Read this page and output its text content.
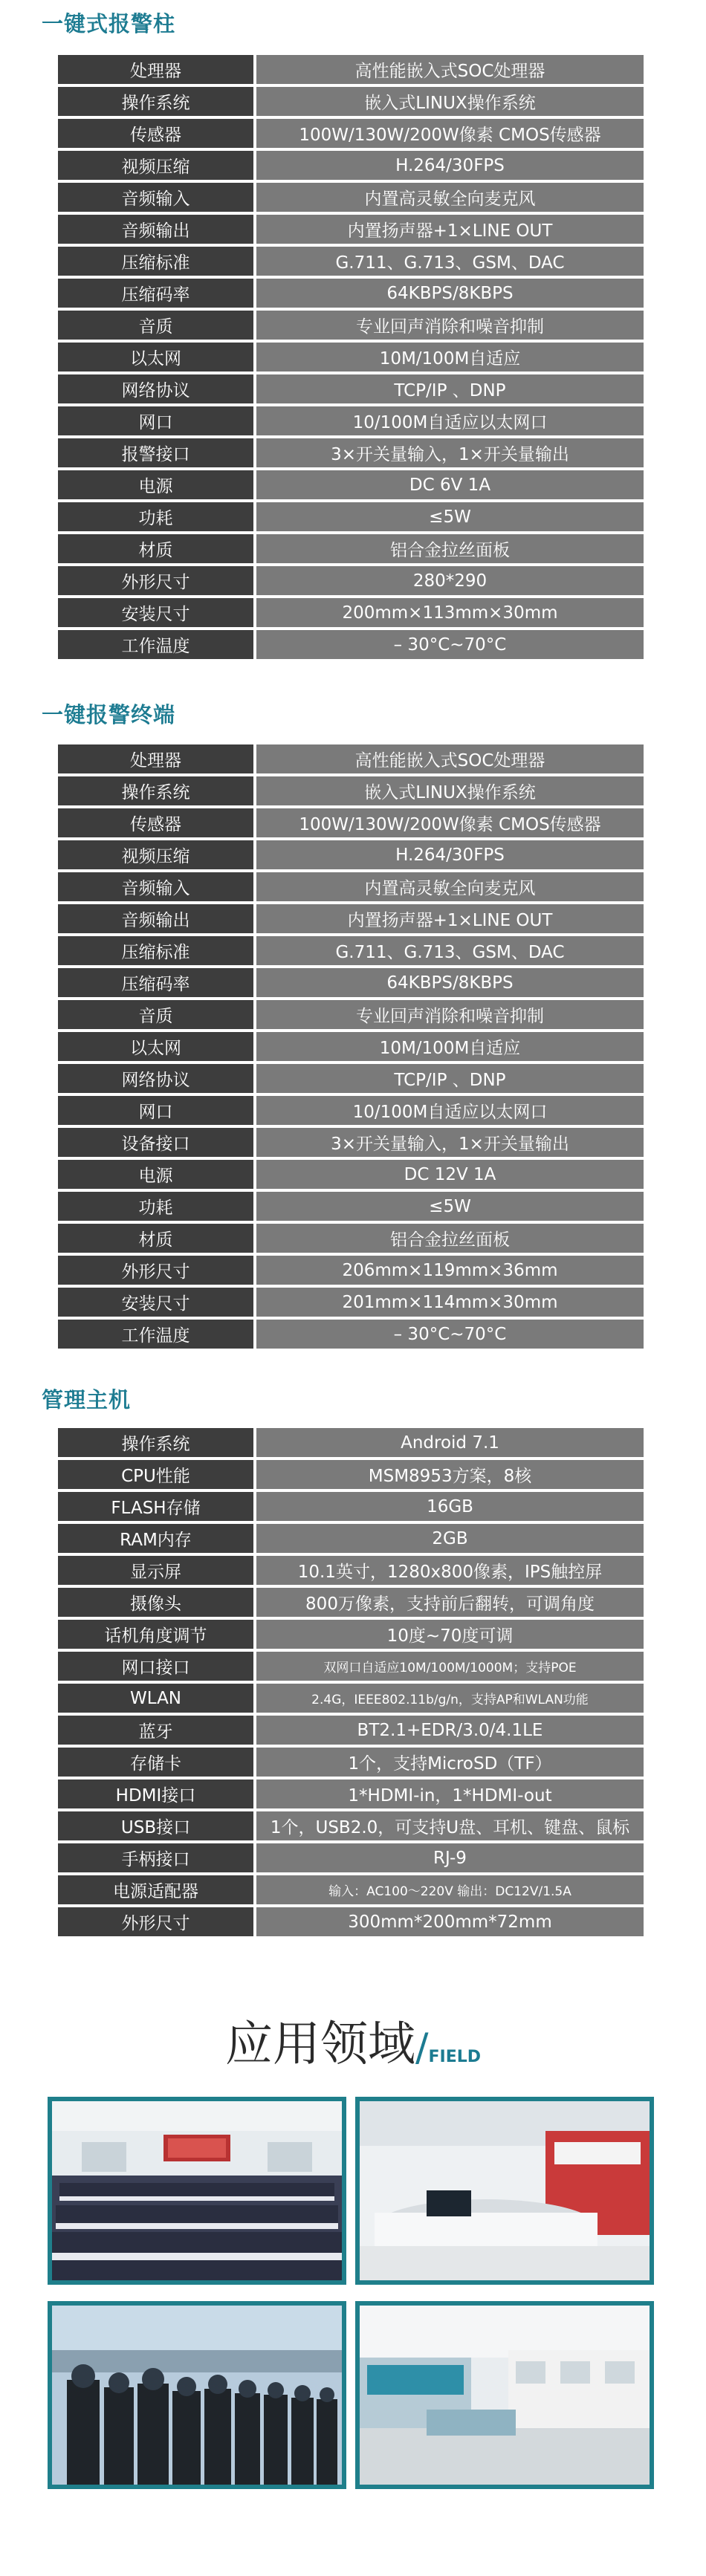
一键式报警柱
处理器	高性能嵌入式SOC处理器
操作系统	嵌入式LINUX操作系统
传感器	100W/130W/200W像素 CMOS传感器
视频压缩	H.264/30FPS
音频输入	内置高灵敏全向麦克风
音频输出	内置扬声器+1×LINE OUT
压缩标准	G.711、G.713、GSM、DAC
压缩码率	64KBPS/8KBPS
音质	专业回声消除和噪音抑制
以太网	10M/100M自适应
网络协议	TCP/IP 、DNP
网口	10/100M自适应以太网口
报警接口	3×开关量输入，1×开关量输出
电源	DC 6V 1A
功耗	≤5W
材质	铝合金拉丝面板
外形尺寸	280*290
安装尺寸	200mm×113mm×30mm
工作温度	– 30°C~70°C
一键报警终端
处理器	高性能嵌入式SOC处理器
操作系统	嵌入式LINUX操作系统
传感器	100W/130W/200W像素 CMOS传感器
视频压缩	H.264/30FPS
音频输入	内置高灵敏全向麦克风
音频输出	内置扬声器+1×LINE OUT
压缩标准	G.711、G.713、GSM、DAC
压缩码率	64KBPS/8KBPS
音质	专业回声消除和噪音抑制
以太网	10M/100M自适应
网络协议	TCP/IP 、DNP
网口	10/100M自适应以太网口
设备接口	3×开关量输入，1×开关量输出
电源	DC 12V 1A
功耗	≤5W
材质	铝合金拉丝面板
外形尺寸	206mm×119mm×36mm
安装尺寸	201mm×114mm×30mm
工作温度	– 30°C~70°C
管理主机
操作系统	Android 7.1
CPU性能	MSM8953方案，8核
FLASH存储	16GB
RAM内存	2GB
显示屏	10.1英寸，1280x800像素，IPS触控屏
摄像头	800万像素，支持前后翻转，可调角度
话机角度调节	10度~70度可调
网口接口	双网口自适应10M/100M/1000M；支持POE
WLAN	2.4G，IEEE802.11b/g/n，支持AP和WLAN功能
蓝牙	BT2.1+EDR/3.0/4.1LE
存储卡	1个，支持MicroSD（TF）
HDMI接口	1*HDMI-in，1*HDMI-out
USB接口	1个，USB2.0，可支持U盘、耳机、键盘、鼠标
手柄接口	RJ-9
电源适配器	输入：AC100～220V 输出：DC12V/1.5A
外形尺寸	300mm*200mm*72mm
应用领域/FIELD
